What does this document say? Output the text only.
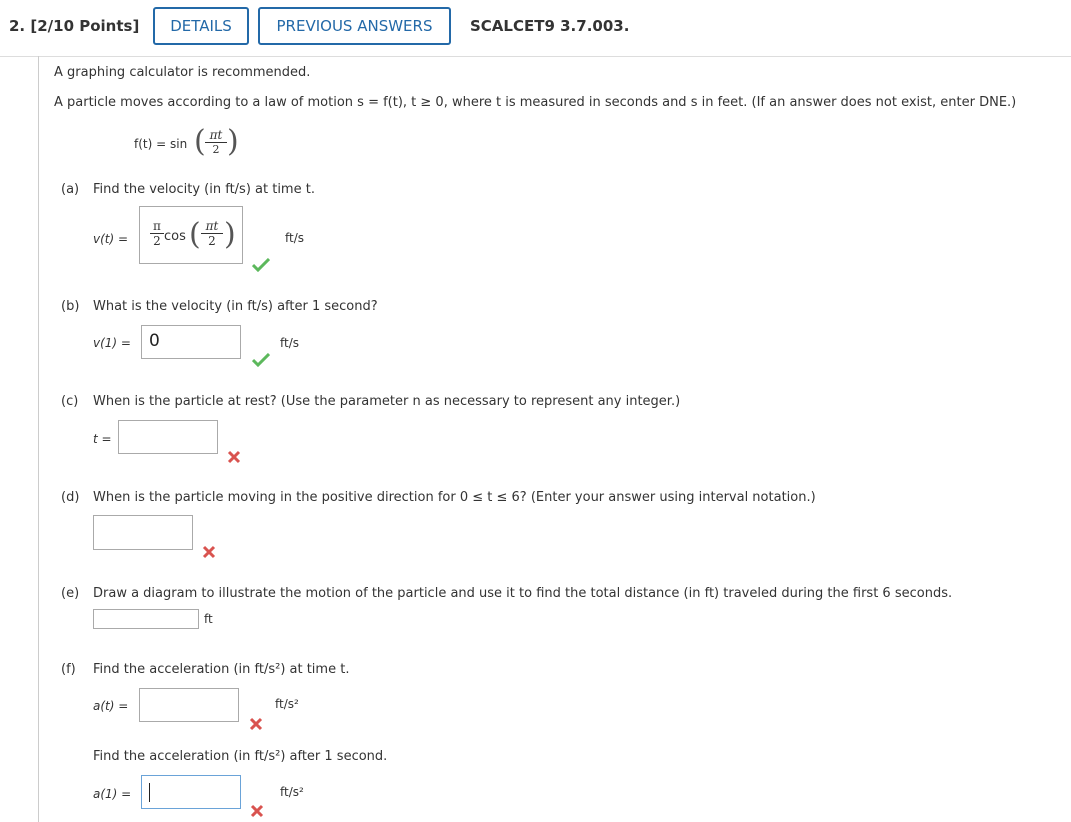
2. [2/10 Points]	DETAILS	PREVIOUS ANSWERS	SCALCET9 3.7.003.
A graphing calculator is recommended.
A particle moves according to a law of motion s = f(t), t ≥ 0, where t is measured in seconds and s in feet. (If an answer does not exist, enter DNE.)
f(t) = sin ( $\frac{\pi t}{2}$ )
(a) Find the velocity (in ft/s) at time t.
$v(t) = \frac{\pi}{2}$ cos ( $\frac{\pi t}{2}$ )	ft/s
(b) What is the velocity (in ft/s) after 1 second?
v(1) = 0	ft/s
(c) When is the particle at rest? (Use the parameter n as necessary to represent any integer.)
t =
(d) When is the particle moving in the positive direction for 0 ≤ t ≤ 6? (Enter your answer using interval notation.)
(e) Draw a diagram to illustrate the motion of the particle and use it to find the total distance (in ft) traveled during the first 6 seconds.
ft
(f) Find the acceleration (in ft/s²) at time t.
a(t) =	ft/s²
Find the acceleration (in ft/s²) after 1 second.
a(1) =	ft/s²
